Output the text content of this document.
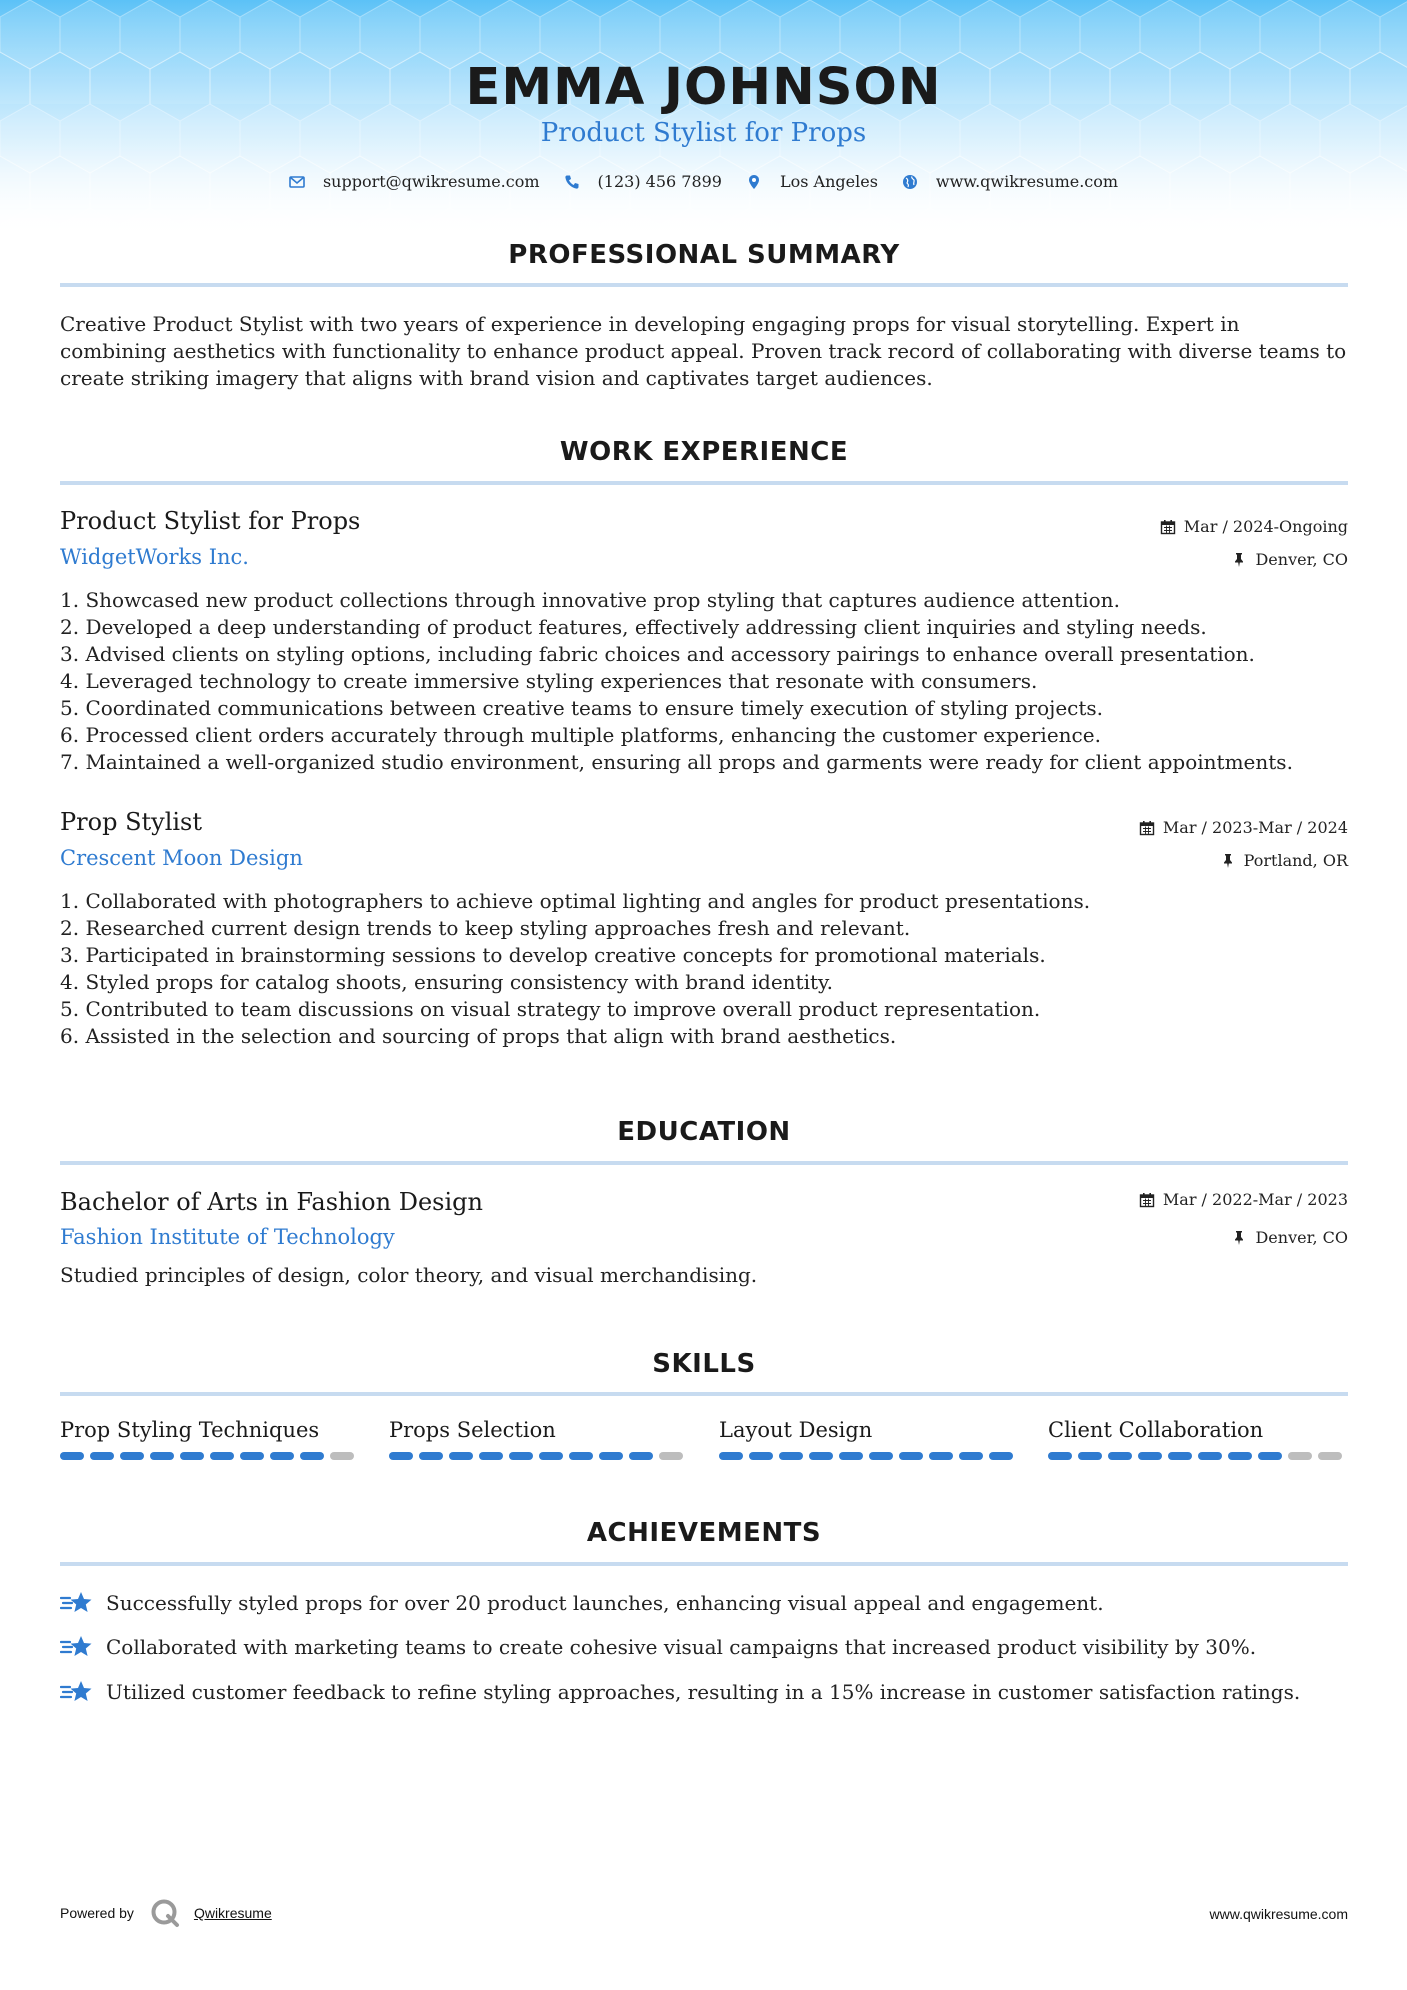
EMMA JOHNSON
Product Stylist for Props
support@qwikresume.com	(123) 456 7899	Los Angeles	www.qwikresume.com
PROFESSIONAL SUMMARY
Creative Product Stylist with two years of experience in developing engaging props for visual storytelling. Expert in combining aesthetics with functionality to enhance product appeal. Proven track record of collaborating with diverse teams to create striking imagery that aligns with brand vision and captivates target audiences.
WORK EXPERIENCE
Product Stylist for Props	Mar / 2024-Ongoing
WidgetWorks Inc.	Denver, CO
1. Showcased new product collections through innovative prop styling that captures audience attention.
2. Developed a deep understanding of product features, effectively addressing client inquiries and styling needs.
3. Advised clients on styling options, including fabric choices and accessory pairings to enhance overall presentation.
4. Leveraged technology to create immersive styling experiences that resonate with consumers.
5. Coordinated communications between creative teams to ensure timely execution of styling projects.
6. Processed client orders accurately through multiple platforms, enhancing the customer experience.
7. Maintained a well-organized studio environment, ensuring all props and garments were ready for client appointments.
Prop Stylist	Mar / 2023-Mar / 2024
Crescent Moon Design	Portland, OR
1. Collaborated with photographers to achieve optimal lighting and angles for product presentations.
2. Researched current design trends to keep styling approaches fresh and relevant.
3. Participated in brainstorming sessions to develop creative concepts for promotional materials.
4. Styled props for catalog shoots, ensuring consistency with brand identity.
5. Contributed to team discussions on visual strategy to improve overall product representation.
6. Assisted in the selection and sourcing of props that align with brand aesthetics.
EDUCATION
Bachelor of Arts in Fashion Design	Mar / 2022-Mar / 2023
Fashion Institute of Technology	Denver, CO
Studied principles of design, color theory, and visual merchandising.
SKILLS
Prop Styling Techniques	Props Selection	Layout Design	Client Collaboration
ACHIEVEMENTS
Successfully styled props for over 20 product launches, enhancing visual appeal and engagement.
Collaborated with marketing teams to create cohesive visual campaigns that increased product visibility by 30%.
Utilized customer feedback to refine styling approaches, resulting in a 15% increase in customer satisfaction ratings.
Powered by	Qwikresume	www.qwikresume.com
